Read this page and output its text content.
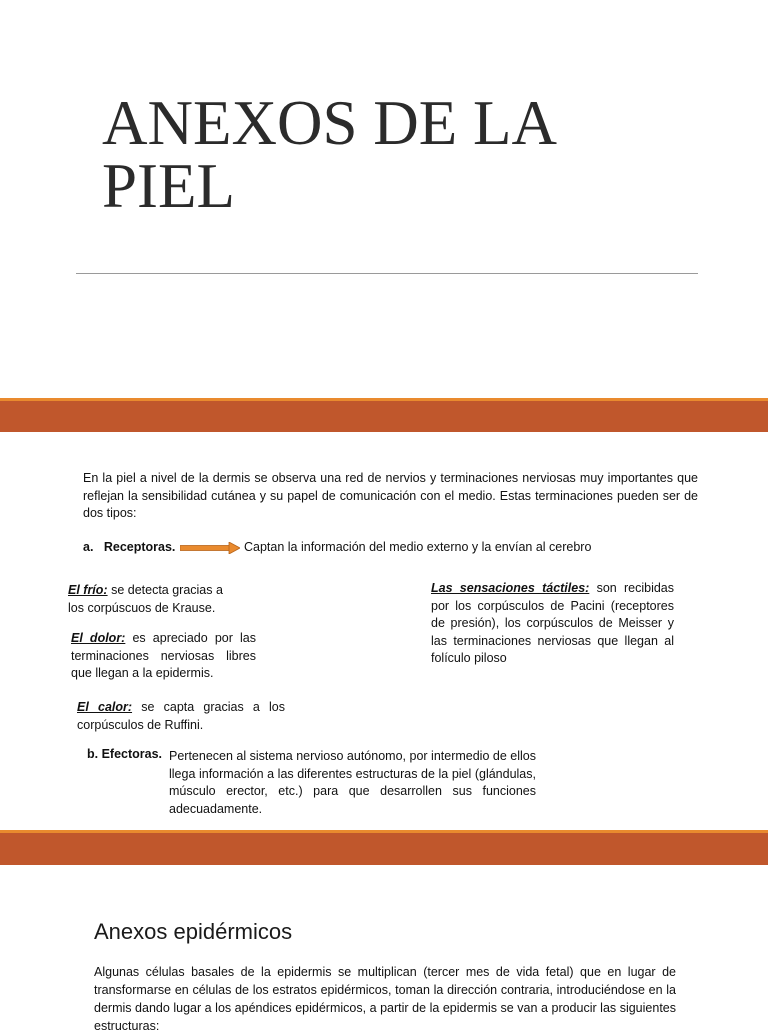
ANEXOS DE LA
PIEL

En la piel a nivel de la dermis se observa una red de nervios y terminaciones nerviosas muy importantes que reflejan la sensibilidad cutánea y su papel de comunicación con el medio. Estas terminaciones pueden ser de dos tipos:

a.   Receptoras.	Captan la información del medio externo y la envían al cerebro

El frío: se detecta gracias a los corpúscuos de Krause.

El dolor: es apreciado por las terminaciones nerviosas libres que llegan a la epidermis.

El calor: se capta gracias a los corpúsculos de Ruffini.

Las sensaciones táctiles: son recibidas por los corpúsculos de Pacini (receptores de presión), los corpúsculos de Meisser y las terminaciones nerviosas que llegan al folículo piloso

b. Efectoras. Pertenecen al sistema nervioso autónomo, por intermedio de ellos llega información a las diferentes estructuras de la piel (glándulas, músculo erector, etc.) para que desarrollen sus funciones adecuadamente.

Anexos epidérmicos

Algunas células basales de la epidermis se multiplican (tercer mes de vida fetal) que en lugar de transformarse en células de los estratos epidérmicos, toman la dirección contraria, introduciéndose en la dermis dando lugar a los apéndices epidérmicos, a partir de la epidermis se van a producir las siguientes estructuras:
